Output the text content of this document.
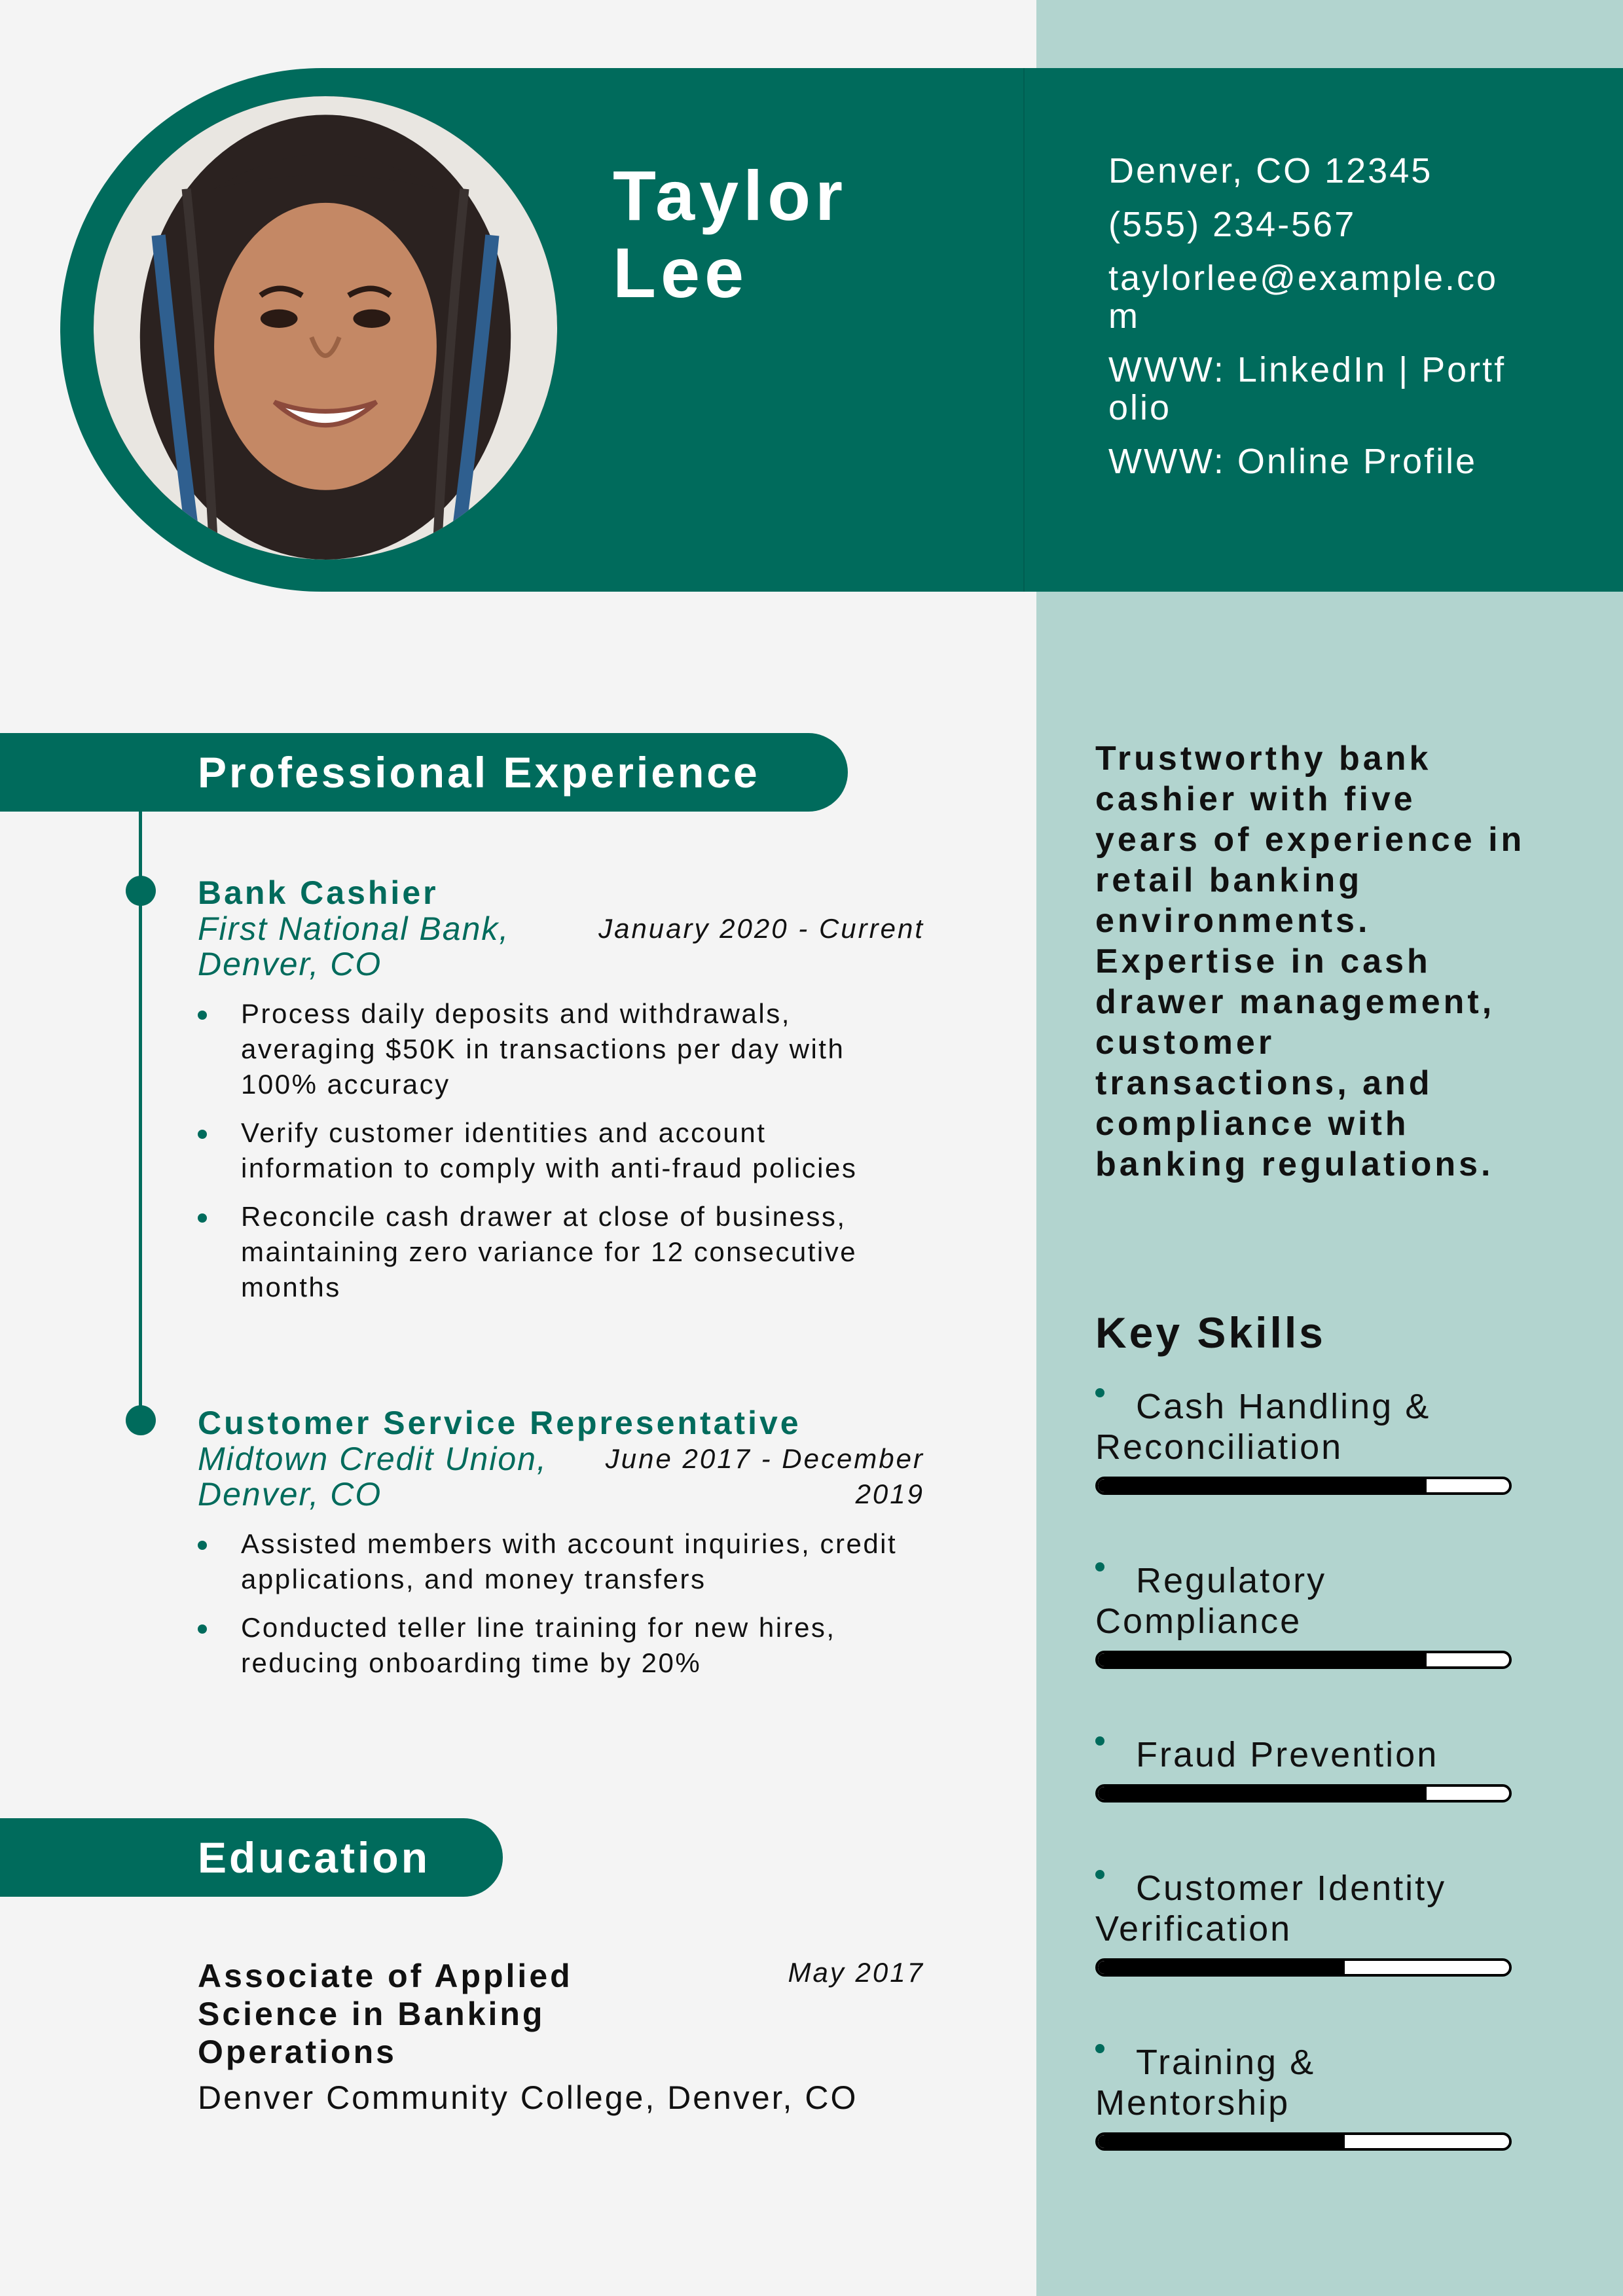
Taylor
Lee
Denver, CO 12345
(555) 234-567
taylorlee@example.com
WWW: LinkedIn | Portfolio
WWW: Online Profile
Professional Experience
Bank Cashier
First National Bank, Denver, CO
January 2020 - Current
Process daily deposits and withdrawals, averaging $50K in transactions per day with 100% accuracy
Verify customer identities and account information to comply with anti-fraud policies
Reconcile cash drawer at close of business, maintaining zero variance for 12 consecutive months
Customer Service Representative
Midtown Credit Union, Denver, CO
June 2017 - December 2019
Assisted members with account inquiries, credit applications, and money transfers
Conducted teller line training for new hires, reducing onboarding time by 20%
Education
Associate of Applied Science in Banking Operations
May 2017
Denver Community College, Denver, CO
Trustworthy bank cashier with five years of experience in retail banking environments. Expertise in cash drawer management, customer transactions, and compliance with banking regulations.
Key Skills
Cash Handling & Reconciliation
Regulatory Compliance
Fraud Prevention
Customer Identity Verification
Training & Mentorship
